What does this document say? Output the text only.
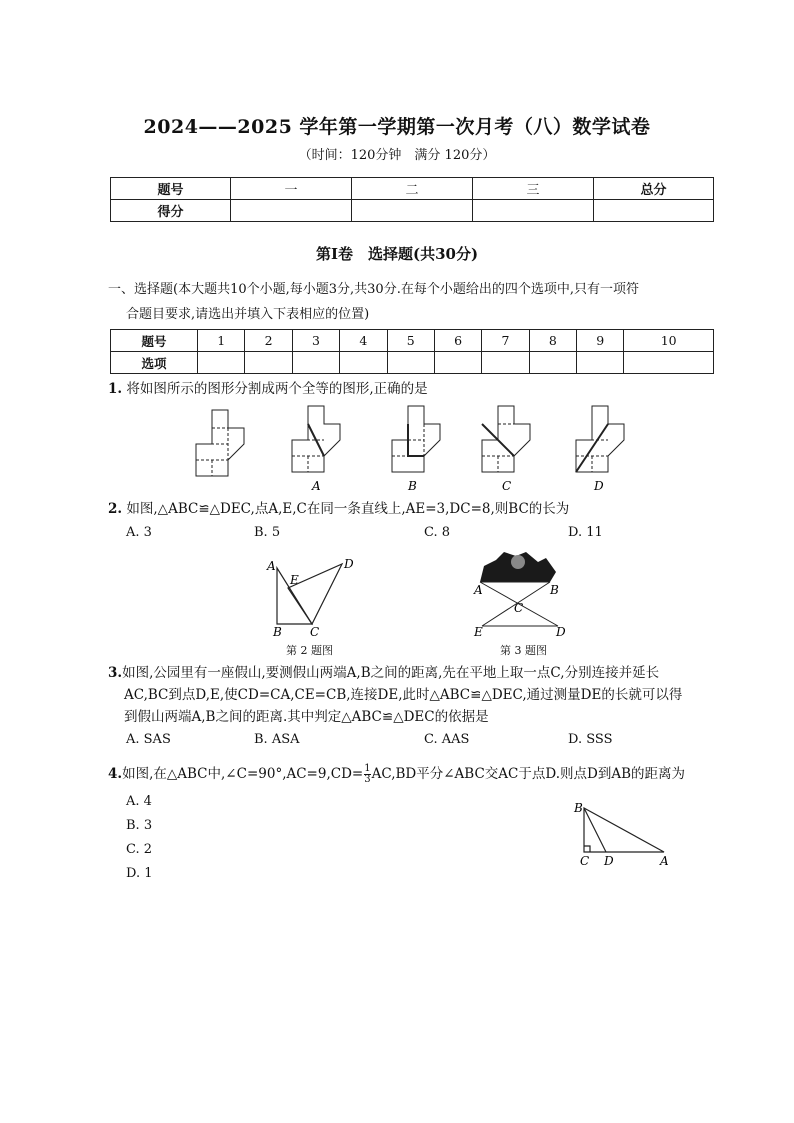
2024——2025 学年第一学期第一次月考（八）数学试卷
（时间：120分钟　满分 120分）
题号	一	二	三	总分
得分				
第Ⅰ卷　选择题(共30分)
一、选择题(本大题共10个小题,每小题3分,共30分.在每个小题给出的四个选项中,只有一项符
合题目要求,请选出并填入下表相应的位置)
题号	1	2	3	4	5	6	7	8	9	10
选项										
1. 将如图所示的图形分割成两个全等的图形,正确的是
A	B	C	D
2. 如图,△ABC≌△DEC,点A,E,C在同一条直线上,AE=3,DC=8,则BC的长为
A. 3	B. 5	C. 8	D. 11
A
E
D
B C
第 2 题图
A	B
C
E	D
第 3 题图
3.如图,公园里有一座假山,要测假山两端A,B之间的距离,先在平地上取一点C,分别连接并延长
AC,BC到点D,E,使CD=CA,CE=CB,连接DE,此时△ABC≌△DEC,通过测量DE的长就可以得
到假山两端A,B之间的距离.其中判定△ABC≌△DEC的依据是
A. SAS	B. ASA	C. AAS	D. SSS
4.如图,在△ABC中,∠C=90°,AC=9,CD= $\frac{1}{3} AC,BD$平分∠ABC交AC于点D.则点D到AB的距离为
A. 4
B. 3
C. 2
D. 1
B
C D	A
